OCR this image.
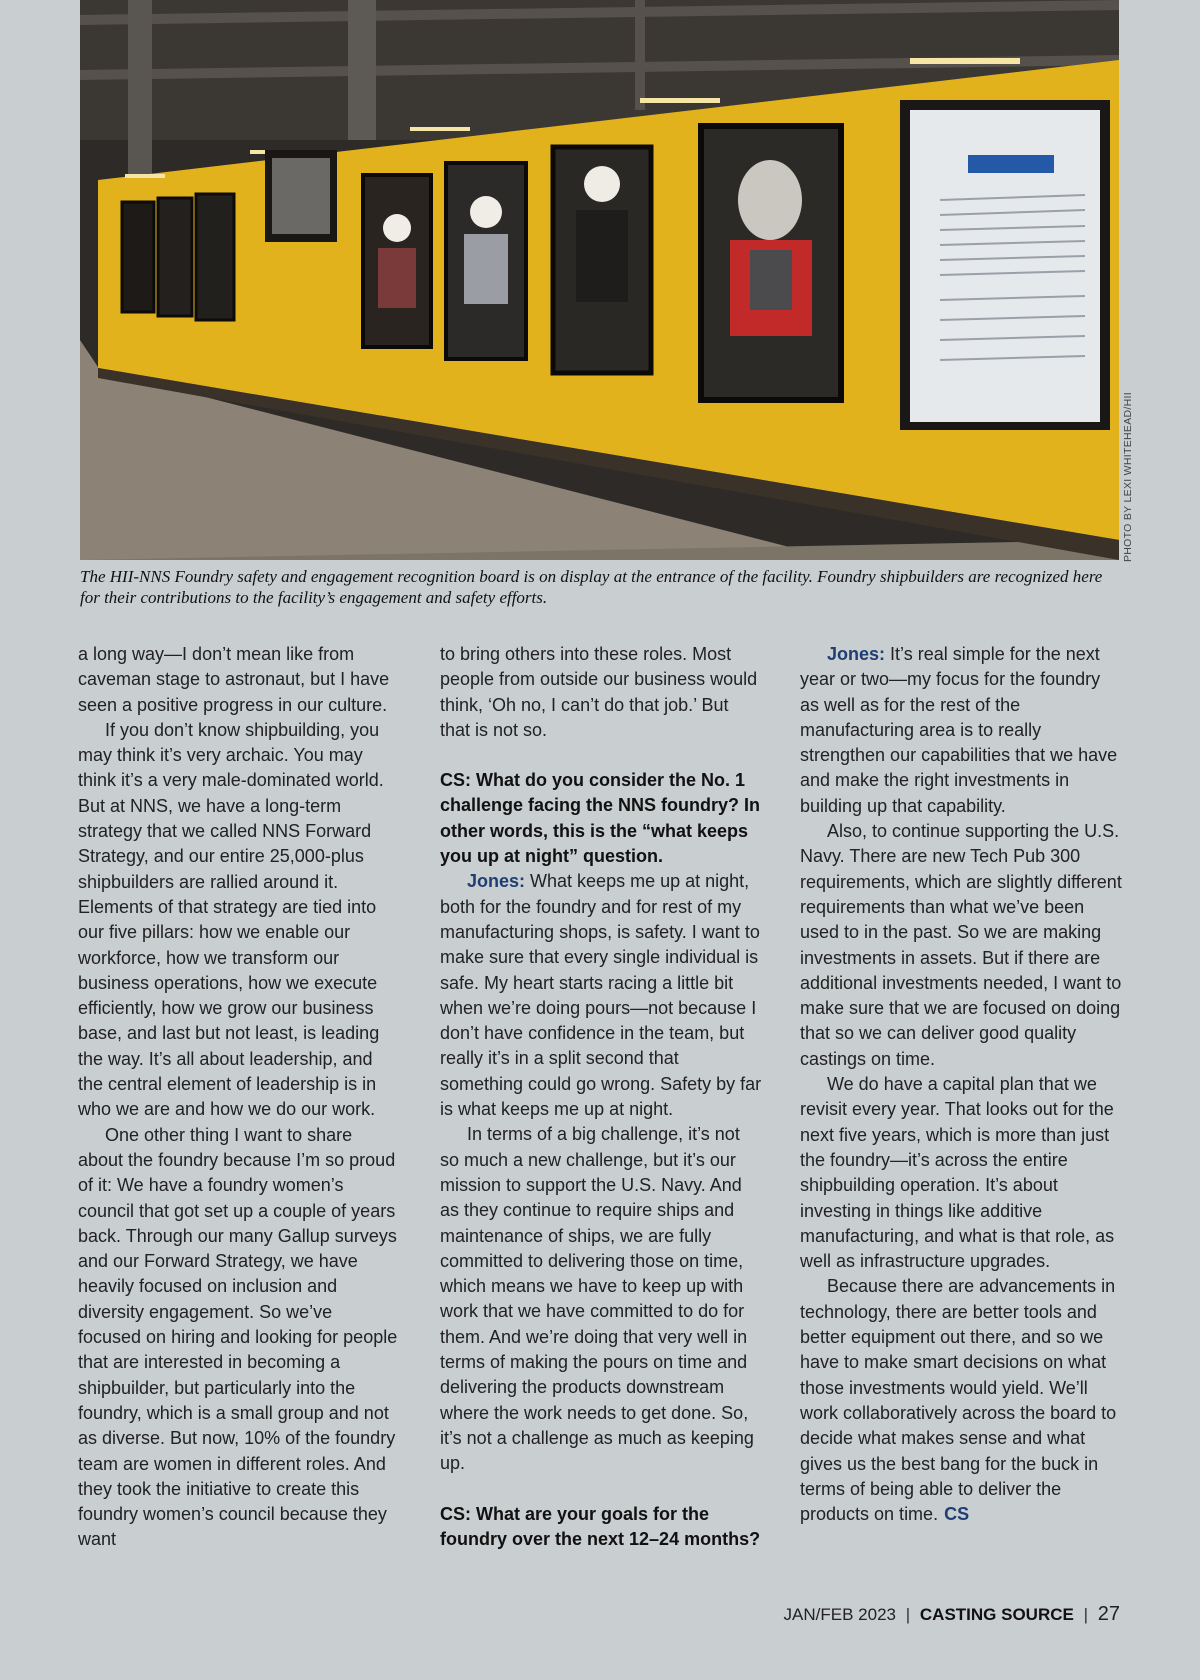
PHOTO BY LEXI WHITEHEAD/HII
The HII-NNS Foundry safety and engagement recognition board is on display at the entrance of the facility. Foundry shipbuilders are recognized here for their contributions to the facility’s engagement and safety efforts.

a long way—I don’t mean like from caveman stage to astronaut, but I have seen a positive progress in our culture.

If you don’t know shipbuilding, you may think it’s very archaic. You may think it’s a very male-dominated world. But at NNS, we have a long-term strategy that we called NNS Forward Strategy, and our entire 25,000-plus shipbuilders are rallied around it. Elements of that strategy are tied into our five pillars: how we enable our workforce, how we transform our business operations, how we execute efficiently, how we grow our business base, and last but not least, is leading the way. It’s all about leadership, and the central element of leadership is in who we are and how we do our work.

One other thing I want to share about the foundry because I’m so proud of it: We have a foundry women’s council that got set up a couple of years back. Through our many Gallup surveys and our Forward Strategy, we have heavily focused on inclusion and diversity engagement. So we’ve focused on hiring and looking for people that are interested in becoming a shipbuilder, but particularly into the foundry, which is a small group and not as diverse. But now, 10% of the foundry team are women in different roles. And they took the initiative to create this foundry women’s council because they want

to bring others into these roles. Most people from outside our business would think, ‘Oh no, I can’t do that job.’ But that is not so.

CS: What do you consider the No. 1 challenge facing the NNS foundry? In other words, this is the “what keeps you up at night” question.

Jones: What keeps me up at night, both for the foundry and for rest of my manufacturing shops, is safety. I want to make sure that every single individual is safe. My heart starts racing a little bit when we’re doing pours—not because I don’t have confidence in the team, but really it’s in a split second that something could go wrong. Safety by far is what keeps me up at night.

In terms of a big challenge, it’s not so much a new challenge, but it’s our mission to support the U.S. Navy. And as they continue to require ships and maintenance of ships, we are fully committed to delivering those on time, which means we have to keep up with work that we have committed to do for them. And we’re doing that very well in terms of making the pours on time and delivering the products downstream where the work needs to get done. So, it’s not a challenge as much as keeping up.

CS: What are your goals for the foundry over the next 12–24 months?

Jones: It’s real simple for the next year or two—my focus for the foundry as well as for the rest of the manufacturing area is to really strengthen our capabilities that we have and make the right investments in building up that capability.

Also, to continue supporting the U.S. Navy. There are new Tech Pub 300 requirements, which are slightly different requirements than what we’ve been used to in the past. So we are making investments in assets. But if there are additional investments needed, I want to make sure that we are focused on doing that so we can deliver good quality castings on time.

We do have a capital plan that we revisit every year. That looks out for the next five years, which is more than just the foundry—it’s across the entire shipbuilding operation. It’s about investing in things like additive manufacturing, and what is that role, as well as infrastructure upgrades.

Because there are advancements in technology, there are better tools and better equipment out there, and so we have to make smart decisions on what those investments would yield. We’ll work collaboratively across the board to decide what makes sense and what gives us the best bang for the buck in terms of being able to deliver the products on time. CS

JAN/FEB 2023 | CASTING SOURCE | 27
